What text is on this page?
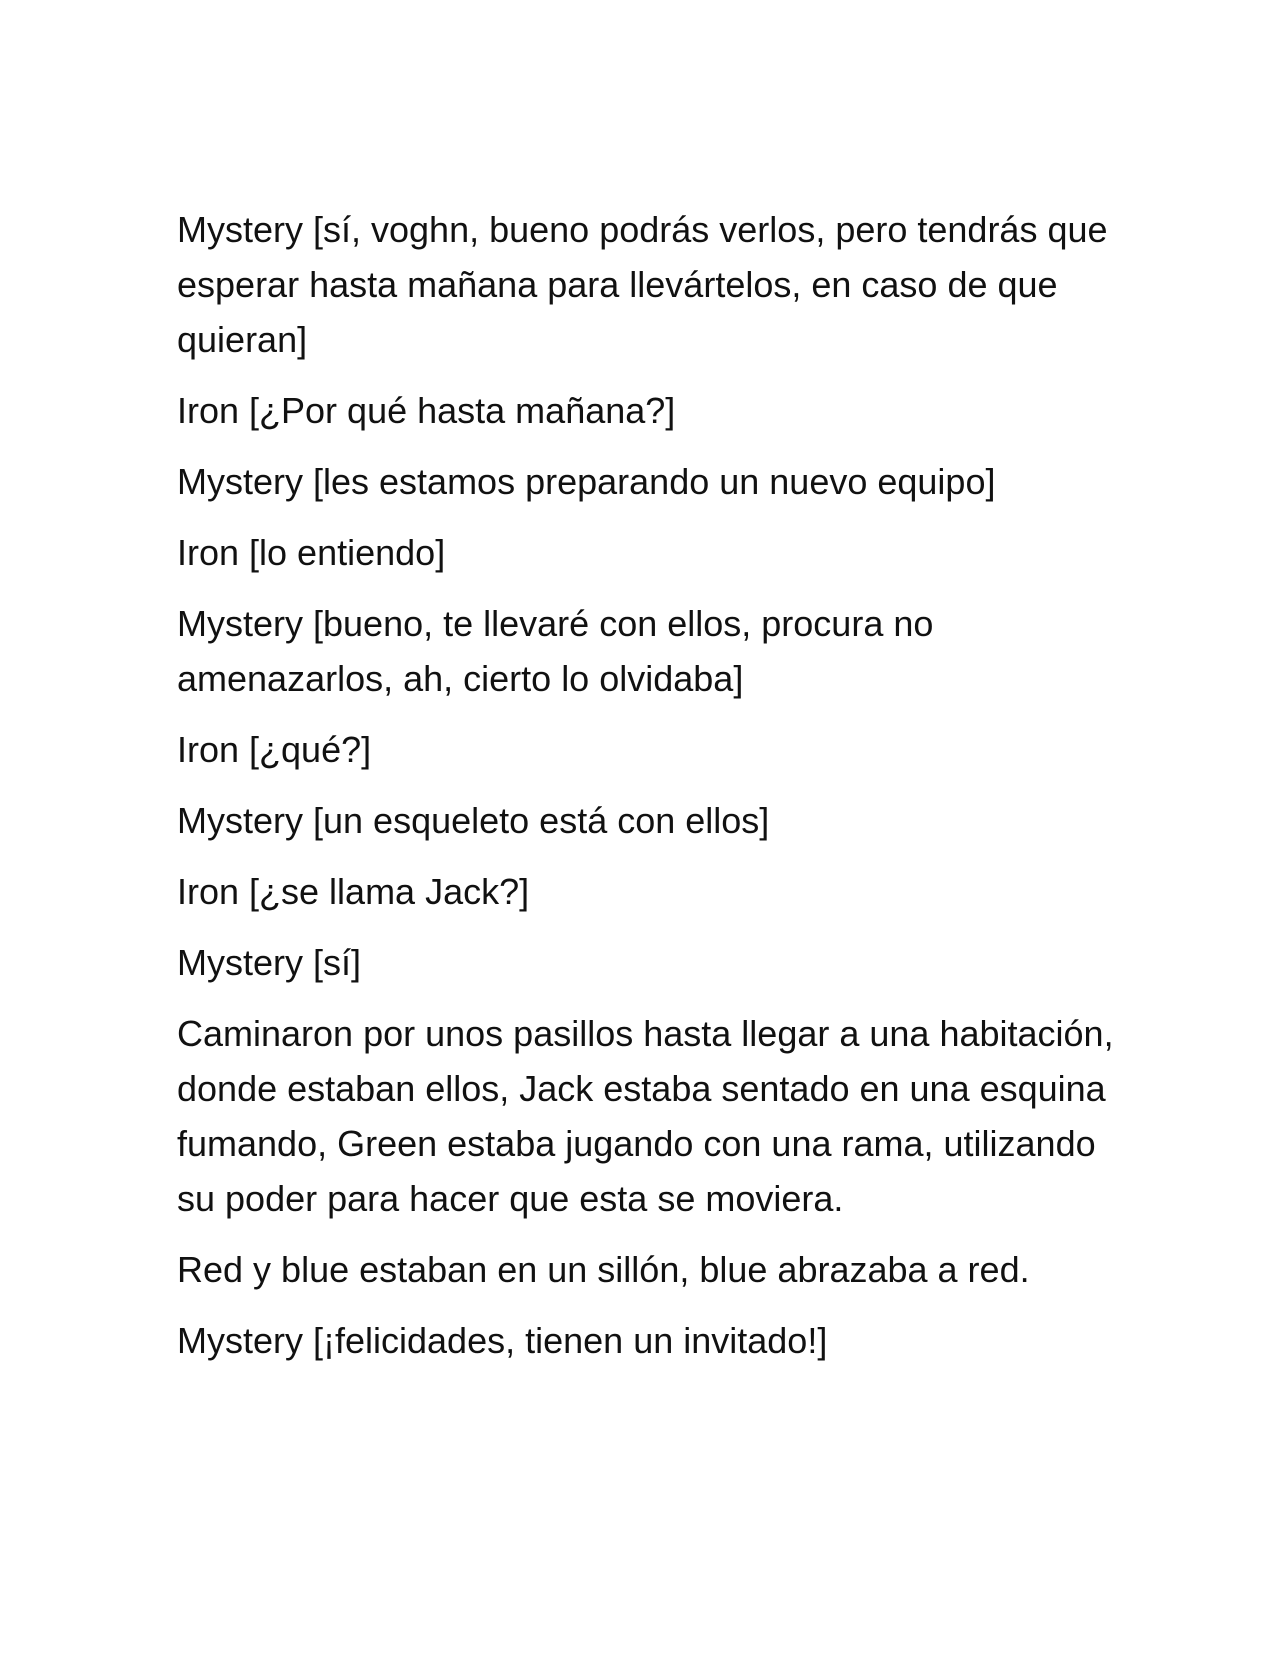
Mystery [sí, voghn, bueno podrás verlos, pero tendrás que esperar hasta mañana para llevártelos, en caso de que quieran]

Iron [¿Por qué hasta mañana?]

Mystery [les estamos preparando un nuevo equipo]

Iron [lo entiendo]

Mystery [bueno, te llevaré con ellos, procura no amenazarlos, ah, cierto lo olvidaba]

Iron [¿qué?]

Mystery [un esqueleto está con ellos]

Iron [¿se llama Jack?]

Mystery [sí]

Caminaron por unos pasillos hasta llegar a una habitación, donde estaban ellos, Jack estaba sentado en una esquina fumando, Green estaba jugando con una rama, utilizando su poder para hacer que esta se moviera.

Red y blue estaban en un sillón, blue abrazaba a red.

Mystery [¡felicidades, tienen un invitado!]
